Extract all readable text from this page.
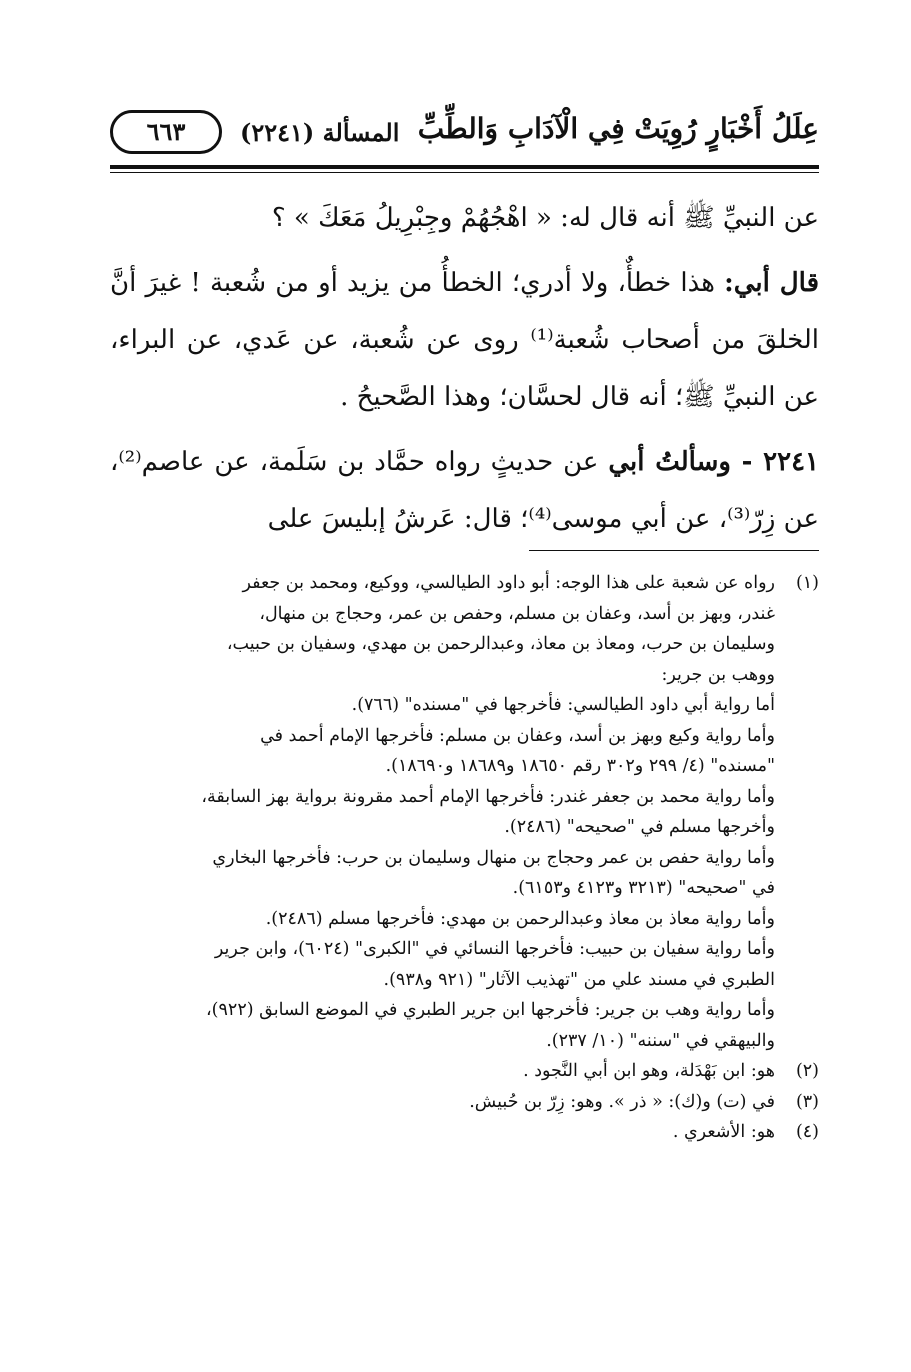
عِلَلُ أَخْبَارٍ رُوِيَتْ فِي الْآدَابِ وَالطِّبِّ
المسألة (٢٢٤١)
٦٦٣

عن النبيِّ ﷺ أنه قال له: « اهْجُهُمْ وجِبْرِيلُ مَعَكَ » ؟

قال أبي: هذا خطأٌ، ولا أدري؛ الخطأُ من يزيد أو من شُعبة ! غيرَ أنَّ الخلقَ من أصحاب شُعبة⁽¹⁾ روى عن شُعبة، عن عَدي، عن البراء، عن النبيِّ ﷺ؛ أنه قال لحسَّان؛ وهذا الصَّحيحُ .

٢٢٤١ - وسألتُ أبي عن حديثٍ رواه حمَّاد بن سَلَمة، عن عاصم⁽²⁾، عن زِرّ⁽³⁾، عن أبي موسى⁽⁴⁾؛ قال: عَرشُ إبليسَ على

(١)
رواه عن شعبة على هذا الوجه: أبو داود الطيالسي، ووكيع، ومحمد بن جعفر
غندر، وبهز بن أسد، وعفان بن مسلم، وحفص بن عمر، وحجاج بن منهال،
وسليمان بن حرب، ومعاذ بن معاذ، وعبدالرحمن بن مهدي، وسفيان بن حبيب،
ووهب بن جرير:
أما رواية أبي داود الطيالسي: فأخرجها في "مسنده" (٧٦٦).
وأما رواية وكيع وبهز بن أسد، وعفان بن مسلم: فأخرجها الإمام أحمد في
"مسنده" (٤/ ٢٩٩ و٣٠٢ رقم ١٨٦٥٠ و١٨٦٨٩ و١٨٦٩٠).
وأما رواية محمد بن جعفر غندر: فأخرجها الإمام أحمد مقرونة برواية بهز السابقة،
وأخرجها مسلم في "صحيحه" (٢٤٨٦).
وأما رواية حفص بن عمر وحجاج بن منهال وسليمان بن حرب: فأخرجها البخاري
في "صحيحه" (٣٢١٣ و٤١٢٣ و٦١٥٣).
وأما رواية معاذ بن معاذ وعبدالرحمن بن مهدي: فأخرجها مسلم (٢٤٨٦).
وأما رواية سفيان بن حبيب: فأخرجها النسائي في "الكبرى" (٦٠٢٤)، وابن جرير
الطبري في مسند علي من "تهذيب الآثار" (٩٢١ و٩٣٨).
وأما رواية وهب بن جرير: فأخرجها ابن جرير الطبري في الموضع السابق (٩٢٢)،
والبيهقي في "سننه" (١٠/ ٢٣٧).
(٢)
هو: ابن بَهْدَلة، وهو ابن أبي النَّجود .
(٣)
في (ت) و(ك): « ذر ». وهو: زِرّ بن حُبيش.
(٤)
هو: الأشعري .
